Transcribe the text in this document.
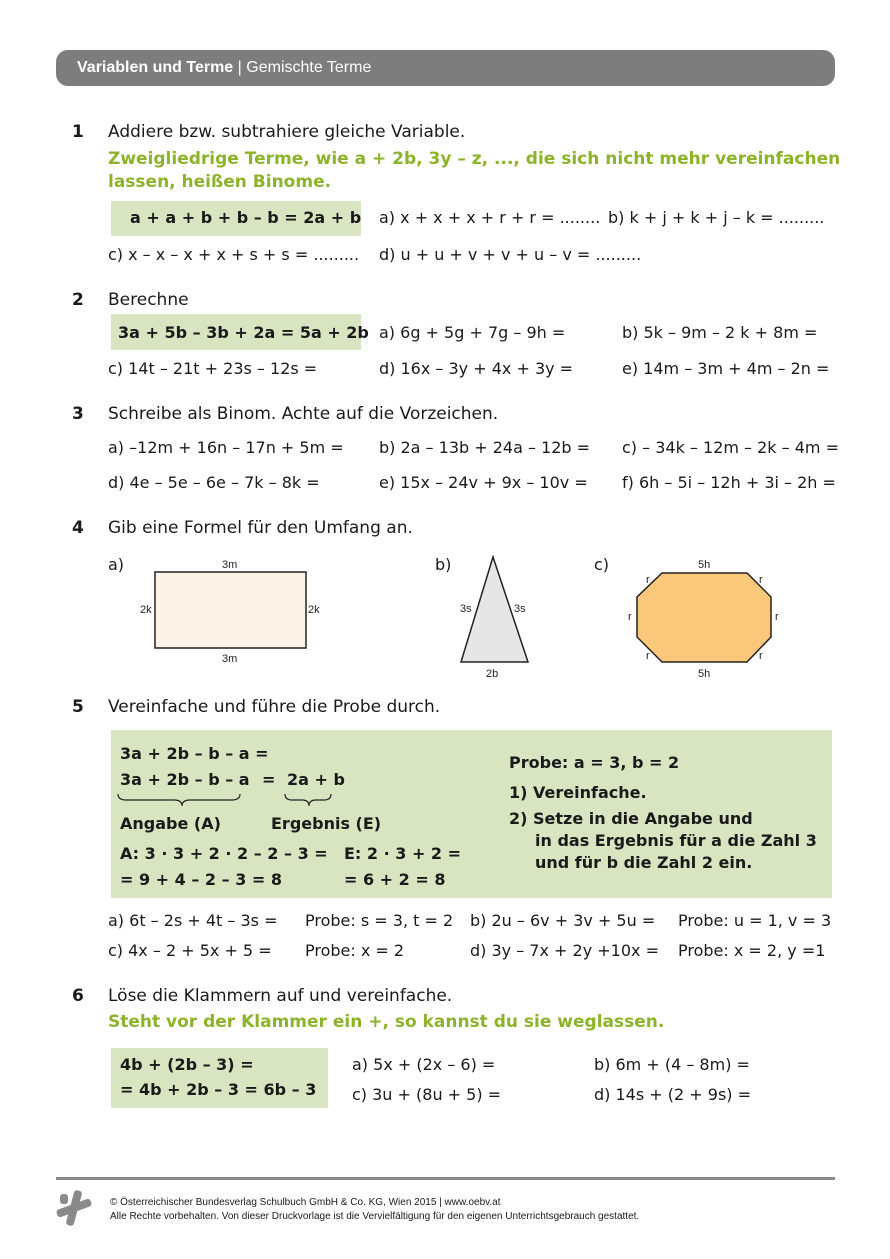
Variablen und Terme | Gemischte Terme
1 Addiere bzw. subtrahiere gleiche Variable.
Zweigliedrige Terme, wie a + 2b, 3y – z, ..., die sich nicht mehr vereinfachen
lassen, heißen Binome.
a + a + b + b – b = 2a + b a) x + x + x + r + r = ........ b) k + j + k + j – k = .........
c) x – x – x + x + s + s = ......... d) u + u + v + v + u – v = .........
2 Berechne
3a + 5b – 3b + 2a = 5a + 2b a) 6g + 5g + 7g – 9h =	b) 5k – 9m – 2 k + 8m =
c) 14t – 21t + 23s – 12s =	d) 16x – 3y + 4x + 3y =	e) 14m – 3m + 4m – 2n =
3 Schreibe als Binom. Achte auf die Vorzeichen.
a) –12m + 16n – 17n + 5m = b) 2a – 13b + 24a – 12b = c) – 34k – 12m – 2k – 4m =
d) 4e – 5e – 6e – 7k – 8k =	e) 15x – 24v + 9x – 10v = f) 6h – 5i – 12h + 3i – 2h =
4 Gib eine Formel für den Umfang an.
a)	b)	c)
3m
3m
2k	2k	3s	3s
2b
5h
5h
r	r
r	r
r	r
5 Vereinfache und führe die Probe durch.
3a + 2b – b – a =
3a + 2b – b – a = 2a + b
Angabe (A)	Ergebnis (E)
A: 3 · 3 + 2 · 2 – 2 – 3 =
= 9 + 4 – 2 – 3 = 8
E: 2 · 3 + 2 =
= 6 + 2 = 8
Probe: a = 3, b = 2
1) Vereinfache.
2) Setze in die Angabe und
in das Ergebnis für a die Zahl 3
und für b die Zahl 2 ein.
a) 6t – 2s + 4t – 3s = Probe: s = 3, t = 2 b) 2u – 6v + 3v + 5u = Probe: u = 1, v = 3
c) 4x – 2 + 5x + 5 = Probe: x = 2	d) 3y – 7x + 2y +10x = Probe: x = 2, y =1
6 Löse die Klammern auf und vereinfache.
Steht vor der Klammer ein +, so kannst du sie weglassen.
4b + (2b – 3) =
= 4b + 2b – 3 = 6b – 3
a) 5x + (2x – 6) =	b) 6m + (4 – 8m) =
c) 3u + (8u + 5) =	d) 14s + (2 + 9s) =
© Österreichischer Bundesverlag Schulbuch GmbH & Co. KG, Wien 2015 | www.oebv.at
Alle Rechte vorbehalten. Von dieser Druckvorlage ist die Vervielfältigung für den eigenen Unterrichtsgebrauch gestattet.
